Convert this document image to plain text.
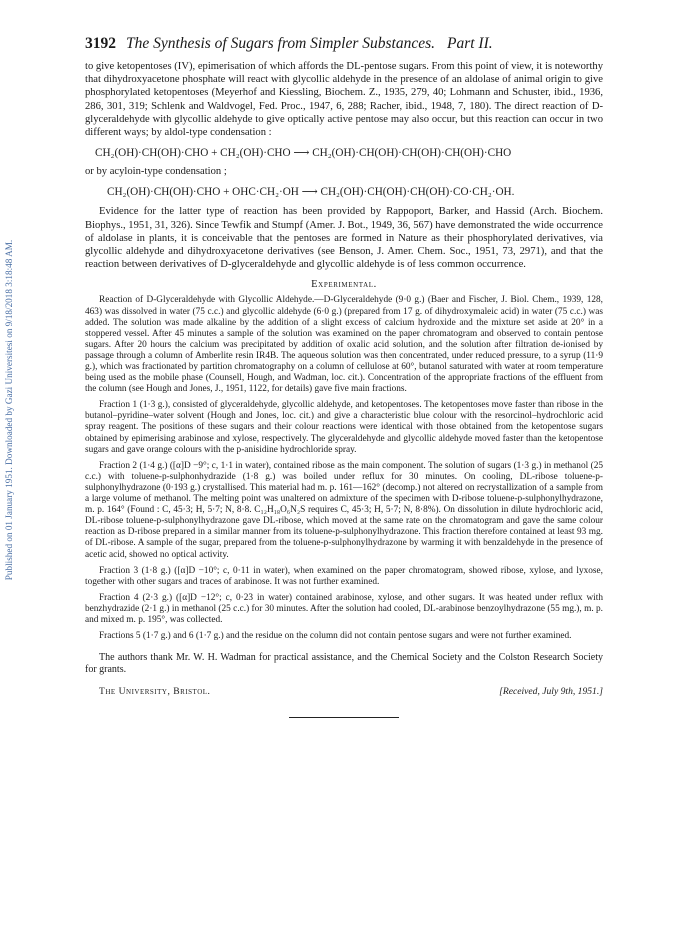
Published on 01 January 1951. Downloaded by Gazi Universitesi on 9/18/2018 3:18:48 AM.
3192 The Synthesis of Sugars from Simpler Substances. Part II.

to give ketopentoses (IV), epimerisation of which affords the DL-pentose sugars. From this point of view, it is noteworthy that dihydroxyacetone phosphate will react with glycollic aldehyde in the presence of an aldolase of animal origin to give phosphorylated ketopentoses (Meyerhof and Kiessling, Biochem. Z., 1935, 279, 40; Lohmann and Schuster, ibid., 1936, 286, 301, 319; Schlenk and Waldvogel, Fed. Proc., 1947, 6, 288; Racher, ibid., 1948, 7, 180). The direct reaction of D-glyceraldehyde with glycollic aldehyde to give optically active pentose may also occur, but this reaction can occur in two different ways; by aldol-type condensation :

CH₂(OH)·CH(OH)·CHO + CH₂(OH)·CHO ⟶ CH₂(OH)·CH(OH)·CH(OH)·CH(OH)·CHO

or by acyloin-type condensation ;

CH₂(OH)·CH(OH)·CHO + OHC·CH₂·OH ⟶ CH₂(OH)·CH(OH)·CH(OH)·CO·CH₂·OH.

Evidence for the latter type of reaction has been provided by Rappoport, Barker, and Hassid (Arch. Biochem. Biophys., 1951, 31, 326). Since Tewfik and Stumpf (Amer. J. Bot., 1949, 36, 567) have demonstrated the wide occurrence of aldolase in plants, it is conceivable that the pentoses are formed in Nature as their phosphorylated derivatives, via glycollic aldehyde and dihydroxyacetone derivatives (see Benson, J. Amer. Chem. Soc., 1951, 73, 2971), and that the reaction between derivatives of D-glyceraldehyde and glycollic aldehyde is of less common occurrence.

Experimental.

Reaction of D-Glyceraldehyde with Glycollic Aldehyde.—D-Glyceraldehyde (9·0 g.) (Baer and Fischer, J. Biol. Chem., 1939, 128, 463) was dissolved in water (75 c.c.) and glycollic aldehyde (6·0 g.) (prepared from 17 g. of dihydroxymaleic acid) in water (75 c.c.) was added. The solution was made alkaline by the addition of a slight excess of calcium hydroxide and the mixture set aside at 20° in a stoppered vessel. After 45 minutes a sample of the solution was examined on the paper chromatogram and observed to contain pentose sugars. After 20 hours the calcium was precipitated by addition of oxalic acid solution, and the solution after filtration de-ionised by passage through a column of Amberlite resin IR4B. The aqueous solution was then concentrated, under reduced pressure, to a syrup (11·9 g.), which was fractionated by partition chromatography on a column of cellulose at 60°, butanol saturated with water at room temperature being used as the mobile phase (Counsell, Hough, and Wadman, loc. cit.). Concentration of the appropriate fractions of the effluent from the column (see Hough and Jones, J., 1951, 1122, for details) gave five main fractions.

Fraction 1 (1·3 g.), consisted of glyceraldehyde, glycollic aldehyde, and ketopentoses. The ketopentoses move faster than ribose in the butanol–pyridine–water solvent (Hough and Jones, loc. cit.) and give a characteristic blue colour with the resorcinol–hydrochloric acid spray reagent. The positions of these sugars and their colour reactions were identical with those obtained from the ketopentose sugars obtained by epimerising arabinose and xylose, respectively. The glyceraldehyde and glycollic aldehyde moved faster than the ketopentose sugars and gave orange colours with the p-anisidine hydrochloride spray.

Fraction 2 (1·4 g.) ([α]D −9°; c, 1·1 in water), contained ribose as the main component. The solution of sugars (1·3 g.) in methanol (25 c.c.) with toluene-p-sulphonhydrazide (1·8 g.) was boiled under reflux for 30 minutes. On cooling, DL-ribose toluene-p-sulphonylhydrazone (0·193 g.) crystallised. This material had m. p. 161—162° (decomp.) not altered on recrystallization of a sample from a large volume of methanol. The melting point was unaltered on admixture of the specimen with D-ribose toluene-p-sulphonylhydrazone, m. p. 164° (Found : C, 45·3; H, 5·7; N, 8·8. C₁₂H₁₈O₆N₂S requires C, 45·3; H, 5·7; N, 8·8%). On dissolution in dilute hydrochloric acid, DL-ribose toluene-p-sulphonylhydrazone gave DL-ribose, which moved at the same rate on the chromatogram and gave the same colour reaction as D-ribose prepared in a similar manner from its toluene-p-sulphonylhydrazone. This fraction therefore contained at least 93 mg. of DL-ribose. A sample of the sugar, prepared from the toluene-p-sulphonylhydrazone by warming it with benzaldehyde in the presence of acetic acid, showed no optical activity.

Fraction 3 (1·8 g.) ([α]D −10°; c, 0·11 in water), when examined on the paper chromatogram, showed ribose, xylose, and lyxose, together with other sugars and traces of arabinose. It was not further examined.

Fraction 4 (2·3 g.) ([α]D −12°; c, 0·23 in water) contained arabinose, xylose, and other sugars. It was heated under reflux with benzhydrazide (2·1 g.) in methanol (25 c.c.) for 30 minutes. After the solution had cooled, DL-arabinose benzoylhydrazone (55 mg.), m. p. and mixed m. p. 195°, was collected.

Fractions 5 (1·7 g.) and 6 (1·7 g.) and the residue on the column did not contain pentose sugars and were not further examined.

The authors thank Mr. W. H. Wadman for practical assistance, and the Chemical Society and the Colston Research Society for grants.

The University, Bristol.	[Received, July 9th, 1951.]
